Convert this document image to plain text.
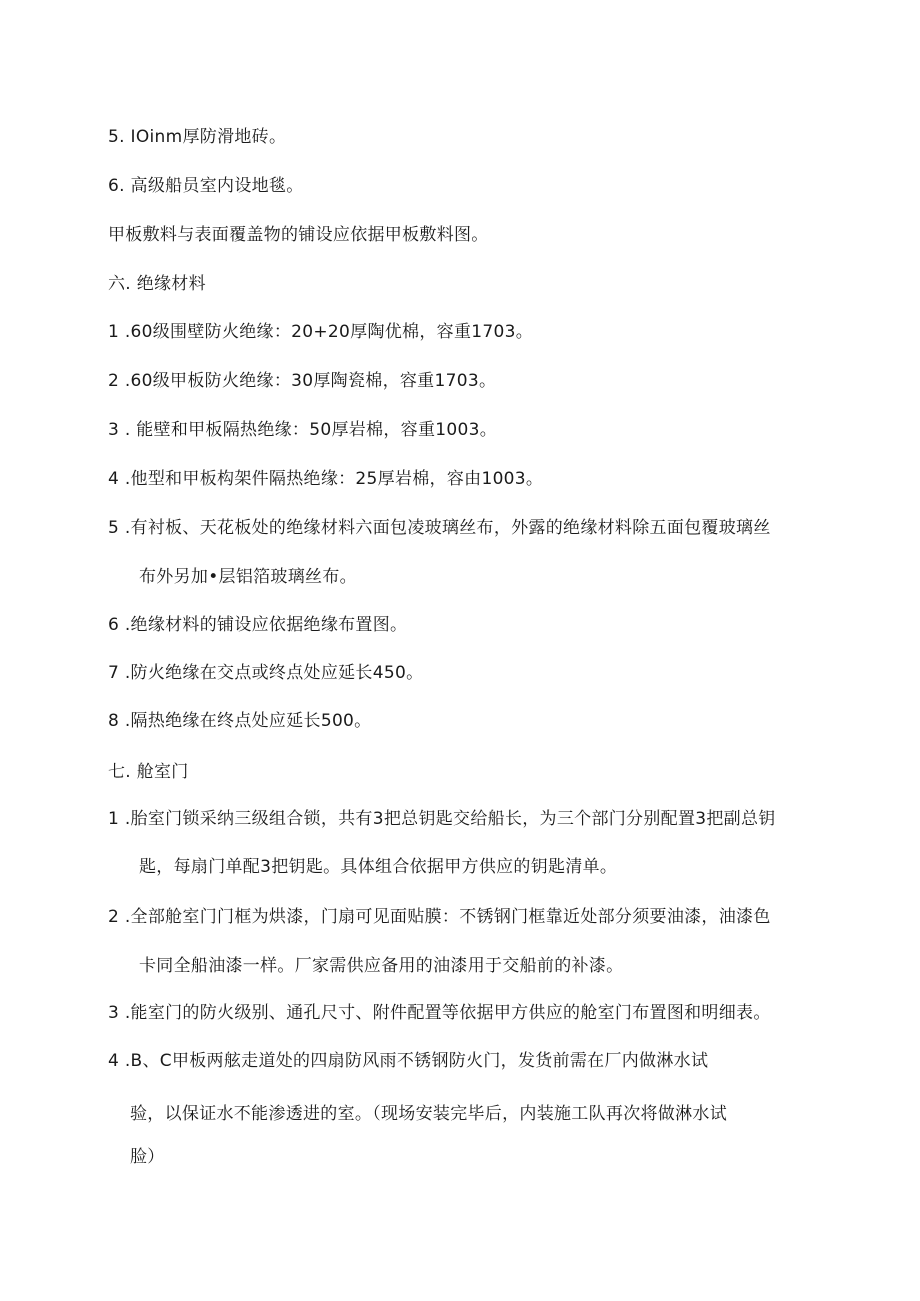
5. IOinm厚防滑地砖。
6. 高级船员室内设地毯。
甲板敷料与表面覆盖物的铺设应依据甲板敷料图。
六. 绝缘材料
1 .60级围壁防火绝缘：20+20厚陶优棉，容重1703。
2 .60级甲板防火绝缘：30厚陶瓷棉，容重1703。
3 . 能壁和甲板隔热绝缘：50厚岩棉，容重1003。
4 .他型和甲板构架件隔热绝缘：25厚岩棉，容由1003。
5 .有衬板、天花板处的绝缘材料六面包凌玻璃丝布，外露的绝缘材料除五面包覆玻璃丝
布外另加•层铝箔玻璃丝布。
6 .绝缘材料的铺设应依据绝缘布置图。
7 .防火绝缘在交点或终点处应延长450。
8 .隔热绝缘在终点处应延长500。
七. 舱室门
1 .胎室门锁采纳三级组合锁，共有3把总钥匙交给船长，为三个部门分别配置3把副总钥
匙，每扇门单配3把钥匙。具体组合依据甲方供应的钥匙清单。
2 .全部舱室门门框为烘漆，门扇可见面贴膜：不锈钢门框靠近处部分须要油漆，油漆色
卡同全船油漆一样。厂家需供应备用的油漆用于交船前的补漆。
3 .能室门的防火级别、通孔尺寸、附件配置等依据甲方供应的舱室门布置图和明细表。
4 .B、C甲板两舷走道处的四扇防风雨不锈钢防火门，发货前需在厂内做淋水试
验，以保证水不能渗透进的室。（现场安装完毕后，内装施工队再次将做淋水试
脸）
